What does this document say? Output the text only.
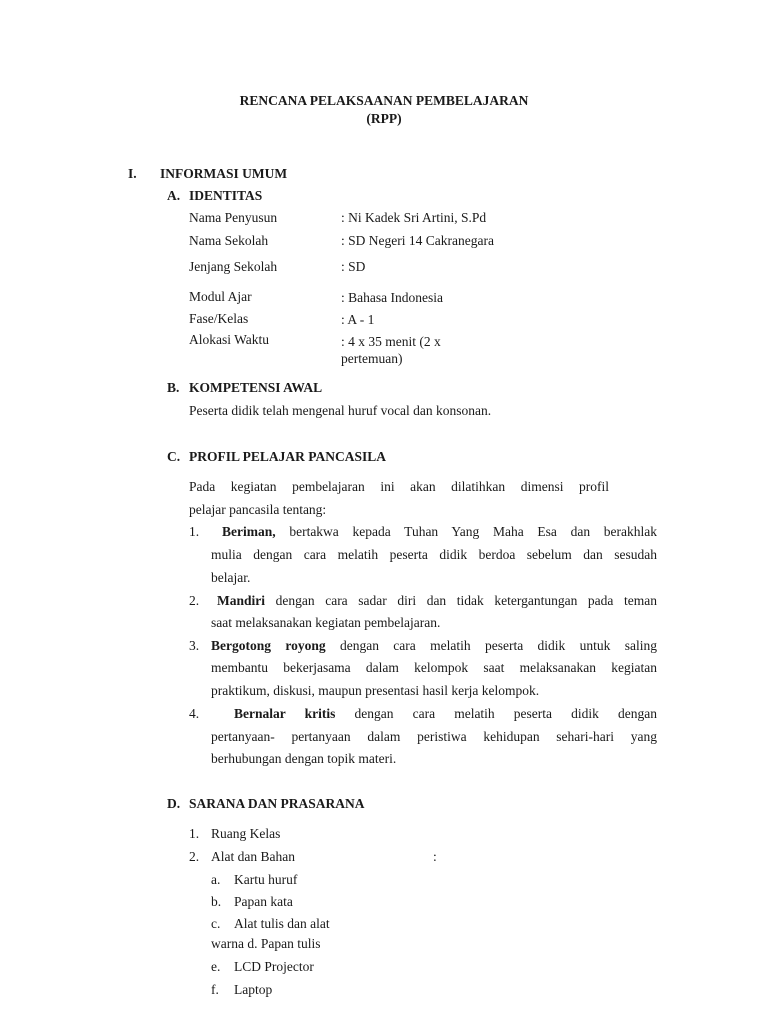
RENCANA PELAKSAANAN PEMBELAJARAN
(RPP)
I. INFORMASI UMUM
A. IDENTITAS
Nama Penyusun	: Ni Kadek Sri Artini, S.Pd
Nama Sekolah	: SD Negeri 14 Cakranegara
Jenjang Sekolah	: SD
Modul Ajar	: Bahasa Indonesia
Fase/Kelas	: A - 1
Alokasi Waktu	: 4 x 35 menit (2 x
pertemuan)
B. KOMPETENSI AWAL
Peserta didik telah mengenal huruf vocal dan konsonan.
C. PROFIL PELAJAR PANCASILA
Pada kegiatan pembelajaran ini akan dilatihkan dimensi profil
pelajar pancasila tentang:
1. Beriman, bertakwa kepada Tuhan Yang Maha Esa dan berakhlak
mulia dengan cara melatih peserta didik berdoa sebelum dan sesudah
belajar.
2. Mandiri dengan cara sadar diri dan tidak ketergantungan pada teman
saat melaksanakan kegiatan pembelajaran.
3. Bergotong royong dengan cara melatih peserta didik untuk saling
membantu bekerjasama dalam kelompok saat melaksanakan kegiatan
praktikum, diskusi, maupun presentasi hasil kerja kelompok.
4.	Bernalar kritis dengan cara melatih peserta didik dengan
pertanyaan- pertanyaan dalam peristiwa kehidupan sehari-hari yang
berhubungan dengan topik materi.
D. SARANA DAN PRASARANA
1. Ruang Kelas
2. Alat dan Bahan	:
a. Kartu huruf
b. Papan kata
c. Alat tulis dan alat
warna d. Papan tulis
e. LCD Projector
f. Laptop
